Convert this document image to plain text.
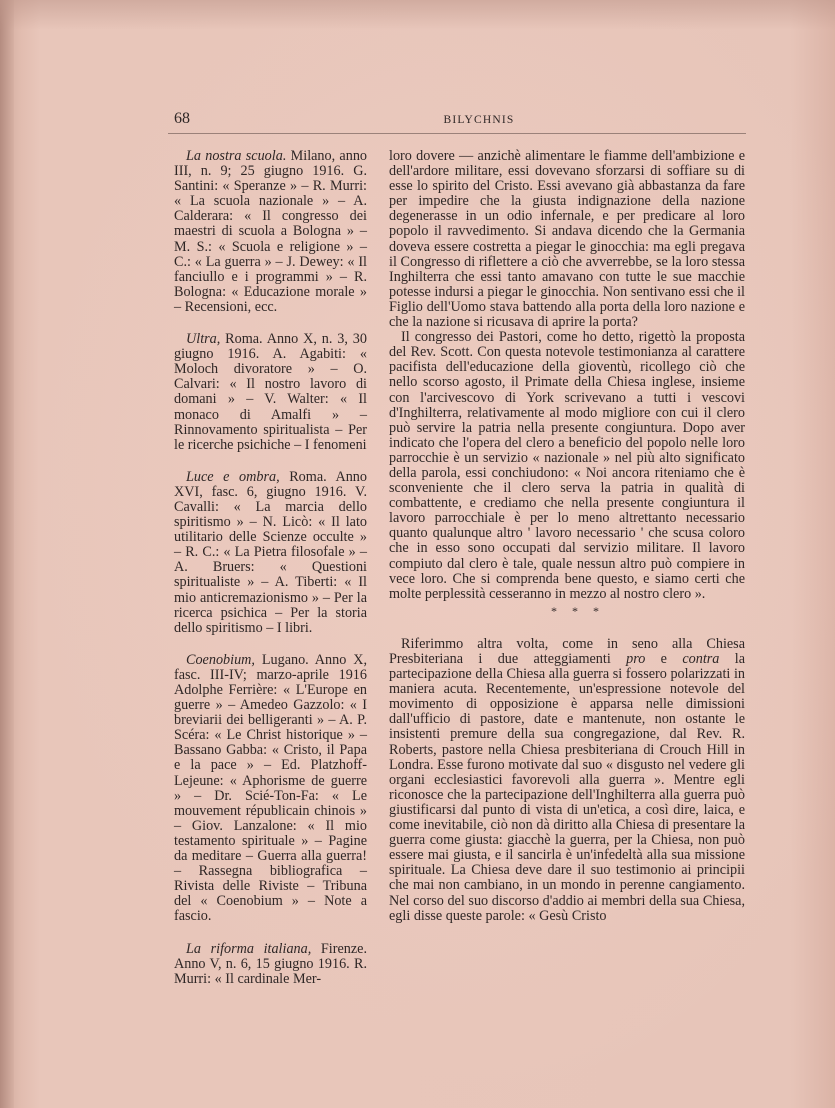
68	BILYCHNIS

La nostra scuola. Milano, anno III, n. 9; 25 giugno 1916. G. Santini: « Speranze » – R. Murri: « La scuola nazionale » – A. Calderara: « Il congresso dei maestri di scuola a Bologna » – M. S.: « Scuola e religione » – C.: « La guerra » – J. Dewey: « Il fanciullo e i programmi » – R. Bologna: « Educazione morale » – Recensioni, ecc.

Ultra, Roma. Anno X, n. 3, 30 giugno 1916. A. Agabiti: « Moloch divoratore » – O. Calvari: « Il nostro lavoro di domani » – V. Walter: « Il monaco di Amalfi » – Rinnovamento spiritualista – Per le ricerche psichiche – I fenomeni

Luce e ombra, Roma. Anno XVI, fasc. 6, giugno 1916. V. Cavalli: « La marcia dello spiritismo » – N. Licò: « Il lato utilitario delle Scienze occulte » – R. C.: « La Pietra filosofale » – A. Bruers: « Questioni spiritualiste » – A. Tiberti: « Il mio anticremazionismo » – Per la ricerca psichica – Per la storia dello spiritismo – I libri.

Coenobium, Lugano. Anno X, fasc. III-IV; marzo-aprile 1916 Adolphe Ferrière: « L'Europe en guerre » – Amedeo Gazzolo: « I breviarii dei belligeranti » – A. P. Scéra: « Le Christ historique » – Bassano Gabba: « Cristo, il Papa e la pace » – Ed. Platzhoff-Lejeune: « Aphorisme de guerre » – Dr. Scié-Ton-Fa: « Le mouvement républicain chinois » – Giov. Lanzalone: « Il mio testamento spirituale » – Pagine da meditare – Guerra alla guerra! – Rassegna bibliografica – Rivista delle Riviste – Tribuna del « Coenobium » – Note a fascio.

La riforma italiana, Firenze. Anno V, n. 6, 15 giugno 1916. R. Murri: « Il cardinale Mer-

loro dovere — anzichè alimentare le fiamme dell'ambizione e dell'ardore militare, essi dovevano sforzarsi di soffiare su di esse lo spirito del Cristo. Essi avevano già abbastanza da fare per impedire che la giusta indignazione della nazione degenerasse in un odio infernale, e per predicare al loro popolo il ravvedimento. Si andava dicendo che la Germania doveva essere costretta a piegar le ginocchia: ma egli pregava il Congresso di riflettere a ciò che avverrebbe, se la loro stessa Inghilterra che essi tanto amavano con tutte le sue macchie potesse indursi a piegar le ginocchia. Non sentivano essi che il Figlio dell'Uomo stava battendo alla porta della loro nazione e che la nazione si ricusava di aprire la porta?

Il congresso dei Pastori, come ho detto, rigettò la proposta del Rev. Scott. Con questa notevole testimonianza al carattere pacifista dell'educazione della gioventù, ricollego ciò che nello scorso agosto, il Primate della Chiesa inglese, insieme con l'arcivescovo di York scrivevano a tutti i vescovi d'Inghilterra, relativamente al modo migliore con cui il clero può servire la patria nella presente congiuntura. Dopo aver indicato che l'opera del clero a beneficio del popolo nelle loro parrocchie è un servizio « nazionale » nel più alto significato della parola, essi conchiudono: « Noi ancora riteniamo che è sconveniente che il clero serva la patria in qualità di combattente, e crediamo che nella presente congiuntura il lavoro parrocchiale è per lo meno altrettanto necessario quanto qualunque altro ' lavoro necessario ' che scusa coloro che in esso sono occupati dal servizio militare. Il lavoro compiuto dal clero è tale, quale nessun altro può compiere in vece loro. Che si comprenda bene questo, e siamo certi che molte perplessità cesseranno in mezzo al nostro clero ».

* * *

Riferimmo altra volta, come in seno alla Chiesa Presbiteriana i due atteggiamenti pro e contra la partecipazione della Chiesa alla guerra si fossero polarizzati in maniera acuta. Recentemente, un'espressione notevole del movimento di opposizione è apparsa nelle dimissioni dall'ufficio di pastore, date e mantenute, non ostante le insistenti premure della sua congregazione, dal Rev. R. Roberts, pastore nella Chiesa presbiteriana di Crouch Hill in Londra. Esse furono motivate dal suo « disgusto nel vedere gli organi ecclesiastici favorevoli alla guerra ». Mentre egli riconosce che la partecipazione dell'Inghilterra alla guerra può giustificarsi dal punto di vista di un'etica, a così dire, laica, e come inevitabile, ciò non dà diritto alla Chiesa di presentare la guerra come giusta: giacchè la guerra, per la Chiesa, non può essere mai giusta, e il sancirla è un'infedeltà alla sua missione spirituale. La Chiesa deve dare il suo testimonio ai principii che mai non cambiano, in un mondo in perenne cangiamento. Nel corso del suo discorso d'addio ai membri della sua Chiesa, egli disse queste parole: « Gesù Cristo
